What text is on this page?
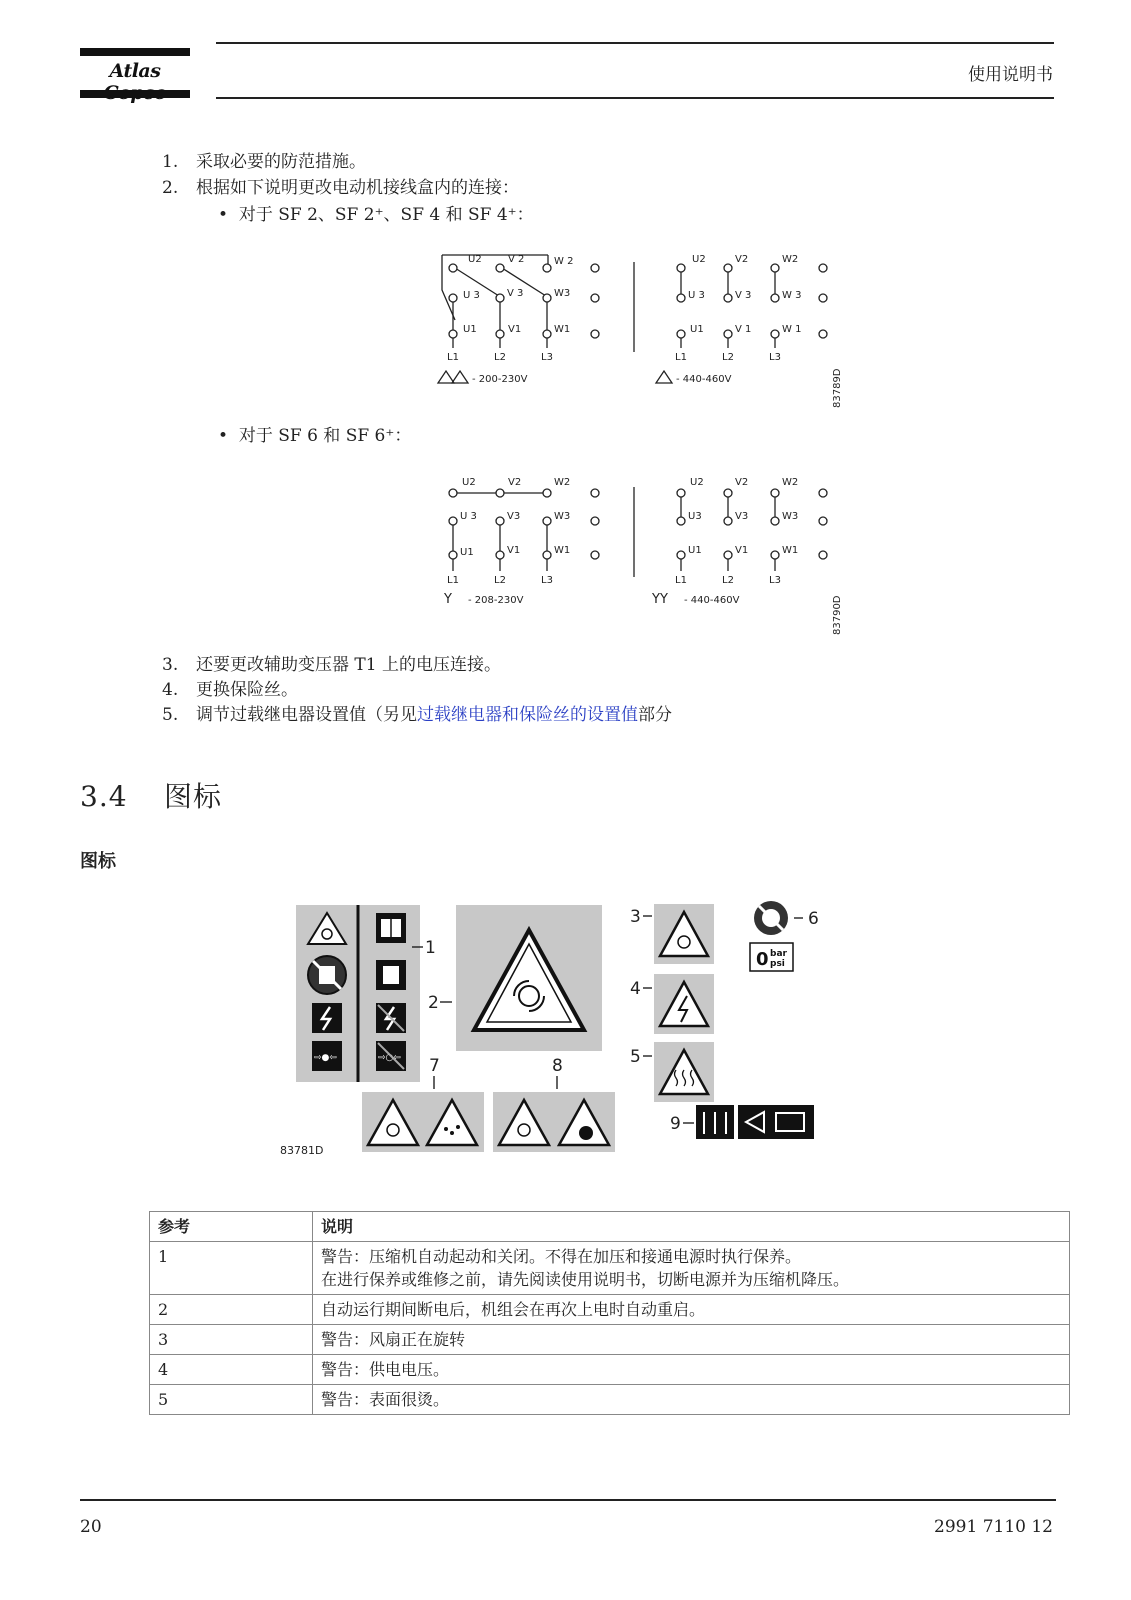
Atlas	使用说明书
1. 采取必要的防范措施。
2. 根据如下说明更改电动机接线盒内的连接：
• 对于 SF 2、SF 2⁺、SF 4 和 SF 4⁺：
U2	V 2	W 2
U 3	V 3	W3
U1	V1	W1
L1	L2	L3
- 200-230V
U2	V2	W2
U 3	V 3	W 3
U1	V 1	W 1
L1	L2	L3
- 440-460V	83789D
• 对于 SF 6 和 SF 6⁺：
U2	V2	W2
U 3	V3	W3
U1	V1	W1
L1	L2	L3
Y - 208-230V
U2	V2	W2
U3	V3	W3
U1	V1	W1
L1	L2	L3
YY - 440-460V	83790D
3. 还要更改辅助变压器 T1 上的电压连接。
4. 更换保险丝。
5. 调节过载继电器设置值（另见过载继电器和保险丝的设置值部分
3.4 图标
图标
⇨●⇦	⇨○⇦
1
2
3
4
5
6
0 bar
psi
7	8
9
83781D
参考	说明
1	警告：压缩机自动起动和关闭。不得在加压和接通电源时执行保养。
在进行保养或维修之前，请先阅读使用说明书，切断电源并为压缩机降压。

2	自动运行期间断电后，机组会在再次上电时自动重启。
3	警告：风扇正在旋转
4	警告：供电电压。
5	警告：表面很烫。
20	2991 7110 12
